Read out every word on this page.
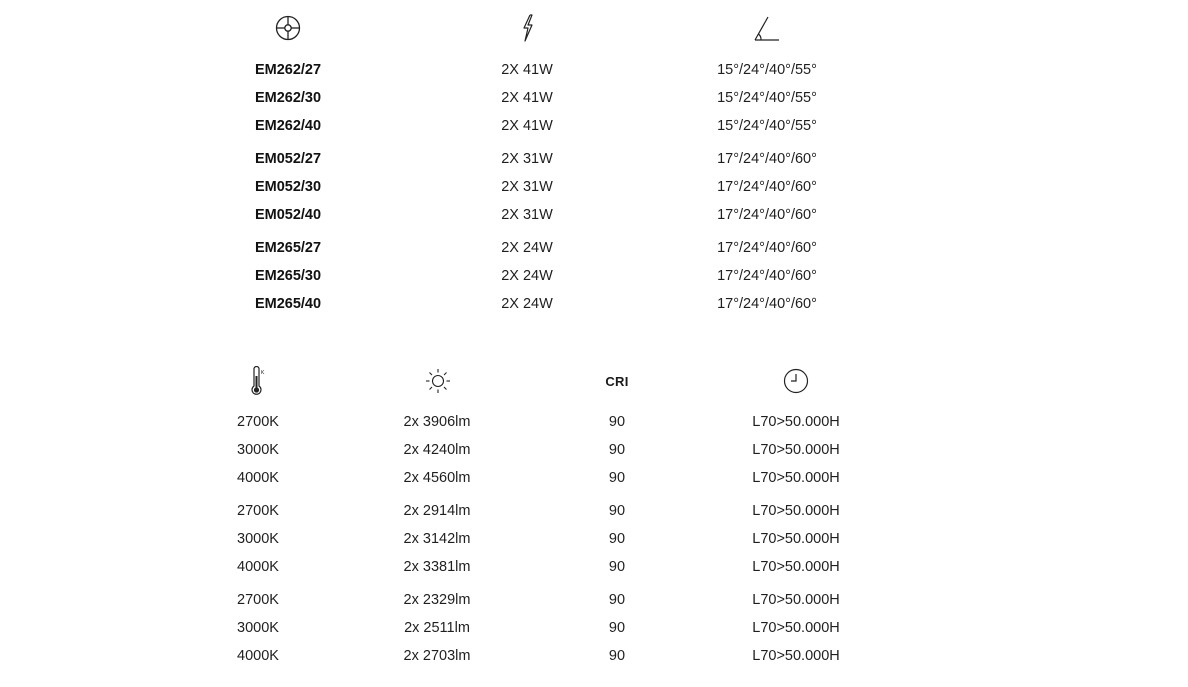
EM262/27	2X 41W	15°/24°/40°/55°
EM262/30	2X 41W	15°/24°/40°/55°
EM262/40	2X 41W	15°/24°/40°/55°
EM052/27	2X 31W	17°/24°/40°/60°
EM052/30	2X 31W	17°/24°/40°/60°
EM052/40	2X 31W	17°/24°/40°/60°
EM265/27	2X 24W	17°/24°/40°/60°
EM265/30	2X 24W	17°/24°/40°/60°
EM265/40	2X 24W	17°/24°/40°/60°
K
CRI
2700K	2x 3906lm	90	L70>50.000H
3000K	2x 4240lm	90	L70>50.000H
4000K	2x 4560lm	90	L70>50.000H
2700K	2x 2914lm	90	L70>50.000H
3000K	2x 3142lm	90	L70>50.000H
4000K	2x 3381lm	90	L70>50.000H
2700K	2x 2329lm	90	L70>50.000H
3000K	2x 2511lm	90	L70>50.000H
4000K	2x 2703lm	90	L70>50.000H
